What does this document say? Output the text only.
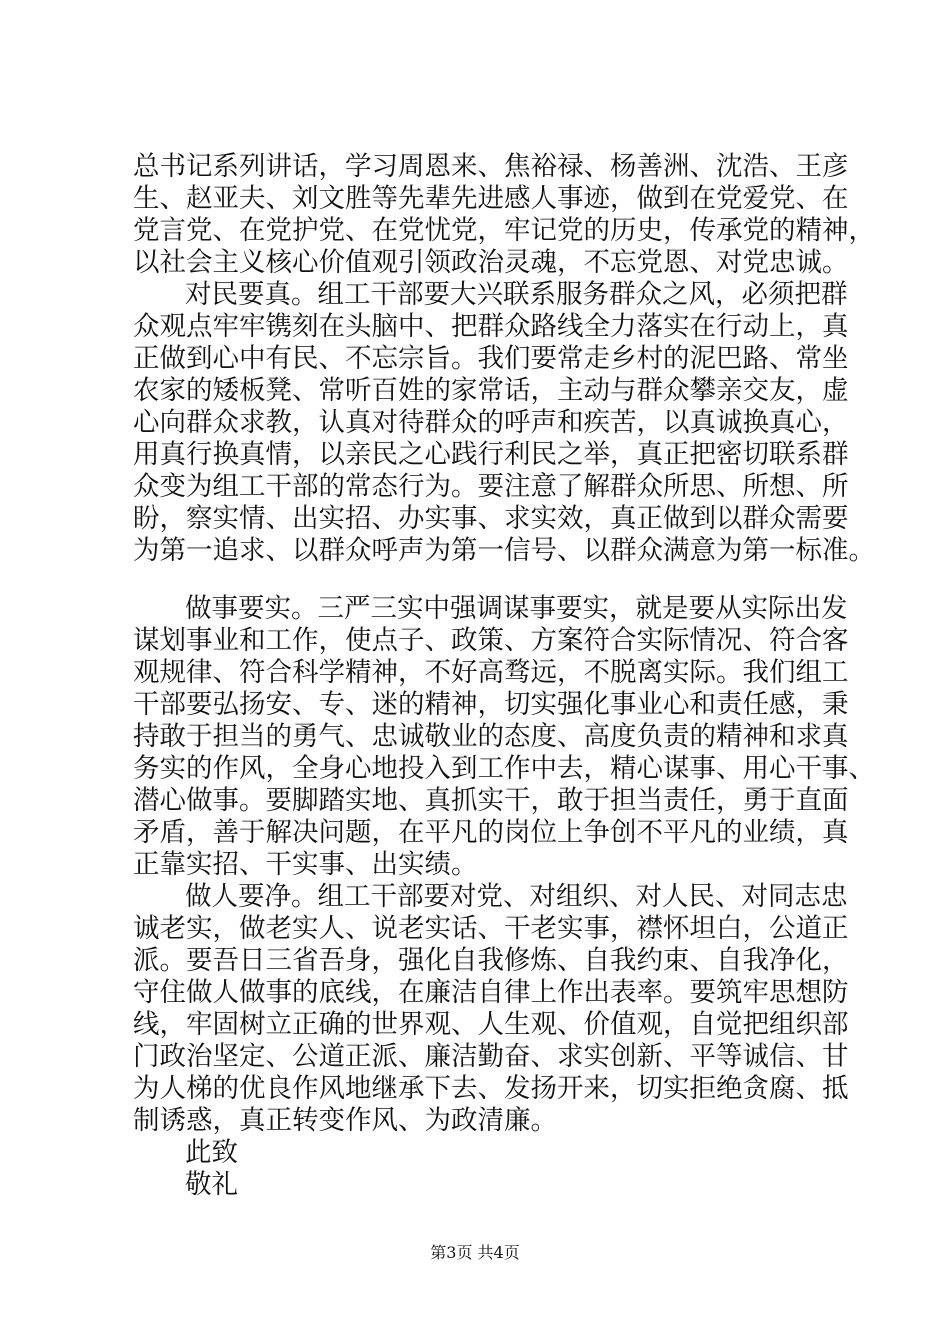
总书记系列讲话，学习周恩来、焦裕禄、杨善洲、沈浩、王彦
生、赵亚夫、刘文胜等先辈先进感人事迹，做到在党爱党、在
党言党、在党护党、在党忧党，牢记党的历史，传承党的精神，
以社会主义核心价值观引领政治灵魂，不忘党恩、对党忠诚。
对民要真。组工干部要大兴联系服务群众之风，必须把群
众观点牢牢镌刻在头脑中、把群众路线全力落实在行动上，真
正做到心中有民、不忘宗旨。我们要常走乡村的泥巴路、常坐
农家的矮板凳、常听百姓的家常话，主动与群众攀亲交友，虚
心向群众求教，认真对待群众的呼声和疾苦，以真诚换真心，
用真行换真情，以亲民之心践行利民之举，真正把密切联系群
众变为组工干部的常态行为。要注意了解群众所思、所想、所
盼，察实情、出实招、办实事、求实效，真正做到以群众需要
为第一追求、以群众呼声为第一信号、以群众满意为第一标准。
做事要实。三严三实中强调谋事要实，就是要从实际出发
谋划事业和工作，使点子、政策、方案符合实际情况、符合客
观规律、符合科学精神，不好高骛远，不脱离实际。我们组工
干部要弘扬安、专、迷的精神，切实强化事业心和责任感，秉
持敢于担当的勇气、忠诚敬业的态度、高度负责的精神和求真
务实的作风，全身心地投入到工作中去，精心谋事、用心干事、
潜心做事。要脚踏实地、真抓实干，敢于担当责任，勇于直面
矛盾，善于解决问题，在平凡的岗位上争创不平凡的业绩，真
正靠实招、干实事、出实绩。
做人要净。组工干部要对党、对组织、对人民、对同志忠
诚老实，做老实人、说老实话、干老实事，襟怀坦白，公道正
派。要吾日三省吾身，强化自我修炼、自我约束、自我净化，
守住做人做事的底线，在廉洁自律上作出表率。要筑牢思想防
线，牢固树立正确的世界观、人生观、价值观，自觉把组织部
门政治坚定、公道正派、廉洁勤奋、求实创新、平等诚信、甘
为人梯的优良作风地继承下去、发扬开来，切实拒绝贪腐、抵
制诱惑，真正转变作风、为政清廉。
此致
敬礼
第3页 共4页
